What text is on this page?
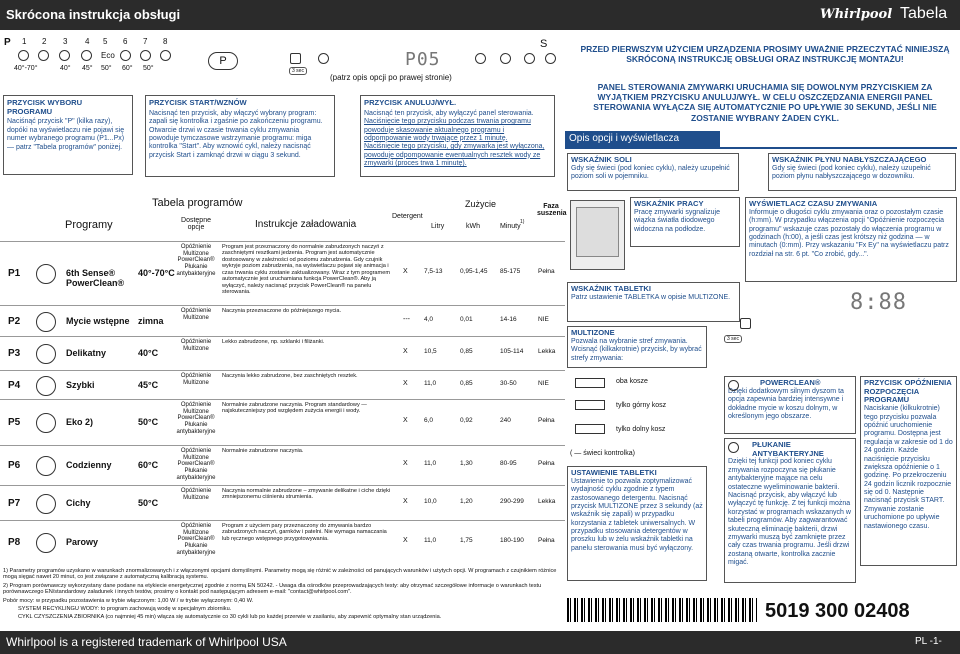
Skrócona instrukcja obsługi	Whirlpool Tabela
P 1 2 3 4 5 6 7 8
Eco
40°-70°	40° 45° 50° 60° 50°
P
3 sec
(patrz opis opcji po prawej stronie)
P05
S
PRZYCISK WYBORU PROGRAMU
Naciśnąć przycisk "P" (kilka razy), dopóki na wyświetlaczu nie pojawi się numer wybranego programu (P1...Px) — patrz "Tabela programów" poniżej.
PRZYCISK START/WZNÓW
Nacisnąć ten przycisk, aby włączyć wybrany program: zapali się kontrolka i zgaśnie po zakończeniu programu. Otwarcie drzwi w czasie trwania cyklu zmywania powoduje tymczasowe wstrzymanie programu: miga kontrolka "Start". Aby wznowić cykl, należy nacisnąć przycisk Start i zamknąć drzwi w ciągu 3 sekund.
PRZYCISK ANULUJ/WYŁ.
Nacisnąć ten przycisk, aby wyłączyć panel sterowania.
Naciśnięcie tego przycisku podczas trwania programu powoduje skasowanie aktualnego programu i odpompowanie wody trwające przez 1 minutę.
Naciśnięcie tego przycisku, gdy zmywarka jest wyłączona, powoduje odpompowanie ewentualnych resztek wody ze zmywarki (proces trwa 1 minutę).
PRZED PIERWSZYM UŻYCIEM URZĄDZENIA PROSIMY UWAŻNIE PRZECZYTAĆ NINIEJSZĄ SKRÓCONĄ INSTRUKCJĘ OBSŁUGI ORAZ INSTRUKCJĘ MONTAŻU!
PANEL STEROWANIA ZMYWARKI URUCHAMIA SIĘ DOWOLNYM PRZYCISKIEM ZA WYJĄTKIEM PRZYCISKU ANULUJ/WYŁ. W CELU OSZCZĘDZANIA ENERGII PANEL STEROWANIA WYŁĄCZA SIĘ AUTOMATYCZNIE PO UPŁYWIE 30 SEKUND, JEŚLI NIE ZOSTANIE WYBRANY ŻADEN CYKL.
Opis opcji i wyświetlacza
WSKAŹNIK SOLI
Gdy się świeci (pod koniec cyklu), należy uzupełnić poziom soli w pojemniku.
WSKAŹNIK PŁYNU NABŁYSZCZAJĄCEGO
Gdy się świeci (pod koniec cyklu), należy uzupełnić poziom płynu nabłyszczającego w dozowniku.
WSKAŹNIK PRACY
Pracę zmywarki sygnalizuje wiązka światła diodowego widoczna na podłodze.
WYŚWIETLACZ CZASU ZMYWANIA
Informuje o długości cyklu zmywania oraz o pozostałym czasie (h:mm). W przypadku włączenia opcji "Opóźnienie rozpoczęcia programu" wskazuje czas pozostały do włączenia programu w godzinach (h:00), a jeśli czas jest krótszy niż godzina — w minutach (0:mm). Przy wskazaniu "Fx Ey" na wyświetlaczu patrz rozdział na str. 6 pt. "Co zrobić, gdy...".
WSKAŹNIK TABLETKI
Patrz ustawienie TABLETKA w opisie MULTIZONE.
3 sec
8:88
MULTIZONE
Pozwala na wybranie stref zmywania. Wcisnąć (kilkakrotnie) przycisk, by wybrać strefy zmywania:
oba kosze
tylko górny kosz
tylko dolny kosz
( — świeci kontrolka)
USTAWIENIE TABLETKI
Ustawienie to pozwala zoptymalizować wydajność cyklu zgodnie z typem zastosowanego detergentu. Nacisnąć przycisk MULTIZONE przez 3 sekundy (aż wskaźnik się zapali) w przypadku korzystania z tabletek uniwersalnych. W przypadku stosowania detergentów w proszku lub w żelu wskaźnik tabletki na panelu sterowania musi być wyłączony.
POWERCLEAN®
Dzięki dodatkowym silnym dyszom ta opcja zapewnia bardziej intensywne i dokładne mycie w koszu dolnym, w określonym jego obszarze.
PŁUKANIE ANTYBAKTERYJNE
Dzięki tej funkcji pod koniec cyklu zmywania rozpoczyna się płukanie antybakteryjne mające na celu ostateczne wyeliminowanie bakterii. Nacisnąć przycisk, aby włączyć lub wyłączyć tę funkcję. Z tej funkcji można korzystać w programach wskazanych w tabeli programów. Aby zagwarantować skuteczną eliminację bakterii, drzwi zmywarki muszą być zamknięte przez cały czas trwania programu. Jeśli drzwi zostaną otwarte, kontrolka zacznie migać.
PRZYCISK OPÓŹNIENIA ROZPOCZĘCIA PROGRAMU
Naciskanie (kilkukrotnie) tego przycisku pozwala opóźnić uruchomienie programu. Dostępna jest regulacja w zakresie od 1 do 24 godzin. Każde naciśnięcie przycisku zwiększa opóźnienie o 1 godzinę. Po przekroczeniu 24 godzin licznik rozpocznie się od 0. Następnie nacisnąć przycisk START. Zmywanie zostanie uruchomione po upływie nastawionego czasu.
Tabela programów
Programy	Dostępne opcje	Instrukcje załadowania
Detergent
Zużycie
Litry	kWh	Minuty
1)
Faza suszenia
P1	6th Sense® PowerClean®
40°-70°C
Opóźnienie Multizone PowerClean® Płukanie antybakteryjne
Program jest przeznaczony do normalnie zabrudzonych naczyń z zaschniętymi resztkami jedzenia. Program jest automatycznie dostosowany w zależności od poziomu zabrudzenia. Gdy czujnik wykryje poziom zabrudzenia, na wyświetlaczu pojawi się animacja i czas trwania cyklu zostanie zaktualizowany. Wraz z tym programem automatycznie jest uruchamiana funkcja PowerClean®. Aby ją wyłączyć, należy nacisnąć przycisk PowerClean® na panelu sterowania.
X	7,5-13	0,95-1,45 85-175	Pełna
P2	Mycie wstępne zimna
Opóźnienie Multizone
Naczynia przeznaczone do późniejszego mycia.
--- 4,0	0,01	14-16	NIE
P3	Delikatny	40°C
Opóźnienie Multizone
Lekko zabrudzone, np. szklanki i filiżanki.
X	10,5	0,85	105-114 Lekka
P4	Szybki	45°C
Opóźnienie Multizone
Naczynia lekko zabrudzone, bez zaschniętych resztek.
X	11,0	0,85	30-50	NIE
P5	Eko 2)	50°C
Opóźnienie Multizone PowerClean® Płukanie antybakteryjne
Normalnie zabrudzone naczynia. Program standardowy — najskuteczniejszy pod względem zużycia energii i wody.
X	6,0	0,92	240	Pełna
P6	Codzienny	60°C
Opóźnienie Multizone PowerClean® Płukanie antybakteryjne
Normalnie zabrudzone naczynia.
X	11,0	1,30	80-95	Pełna
P7	Cichy	50°C
Opóźnienie Multizone
Naczynia normalnie zabrudzone – zmywanie delikatne i ciche dzięki zmniejszonemu ciśnieniu strumienia.
X	10,0	1,20	290-299 Lekka
P8	Parowy
Opóźnienie Multizone PowerClean® Płukanie antybakteryjne
Program z użyciem pary przeznaczony do zmywania bardzo zabrudzonych naczyń, garnków i patelni. Nie wymaga namaczania lub ręcznego wstępnego przygotowywania.	X	11,0	1,75	180-190 Pełna
1) Parametry programów uzyskano w warunkach znormalizowanych i z włączonymi opcjami domyślnymi. Parametry mogą się różnić w zależności od panujących warunków i użytych opcji. W programach z czujnikiem różnice mogą sięgać nawet 20 minut, co jest związane z automatyczną kalibracją systemu.
2) Program porównawczy wykorzystany dane podane na etykiecie energetycznej zgodnie z normą EN 50242. - Uwaga dla ośrodków przeprowadzających testy: aby otrzymać szczegółowe informacje o warunkach testu porównawczego EN/standardowy załadunek i innych testów, prosimy o kontakt pod następującym adresem e-mail: "contact@whirlpool.com".
Pobór mocy: w przypadku pozostawienia w trybie włączonym: 1,00 W / w trybie wyłączonym: 0,40 W.
SYSTEM RECYKLINGU WODY: to program zachowują wodę w specjalnym zbiorniku.
CYKL CZYSZCZENIA ZBIORNIKA (co najmniej 45 min) włącza się automatycznie co 30 cykli lub po każdej przerwie w zasilaniu, aby zapewnić optymalny stan urządzenia.	5019 300 02408
Whirlpool is a registered trademark of Whirlpool USA	PL -1-
